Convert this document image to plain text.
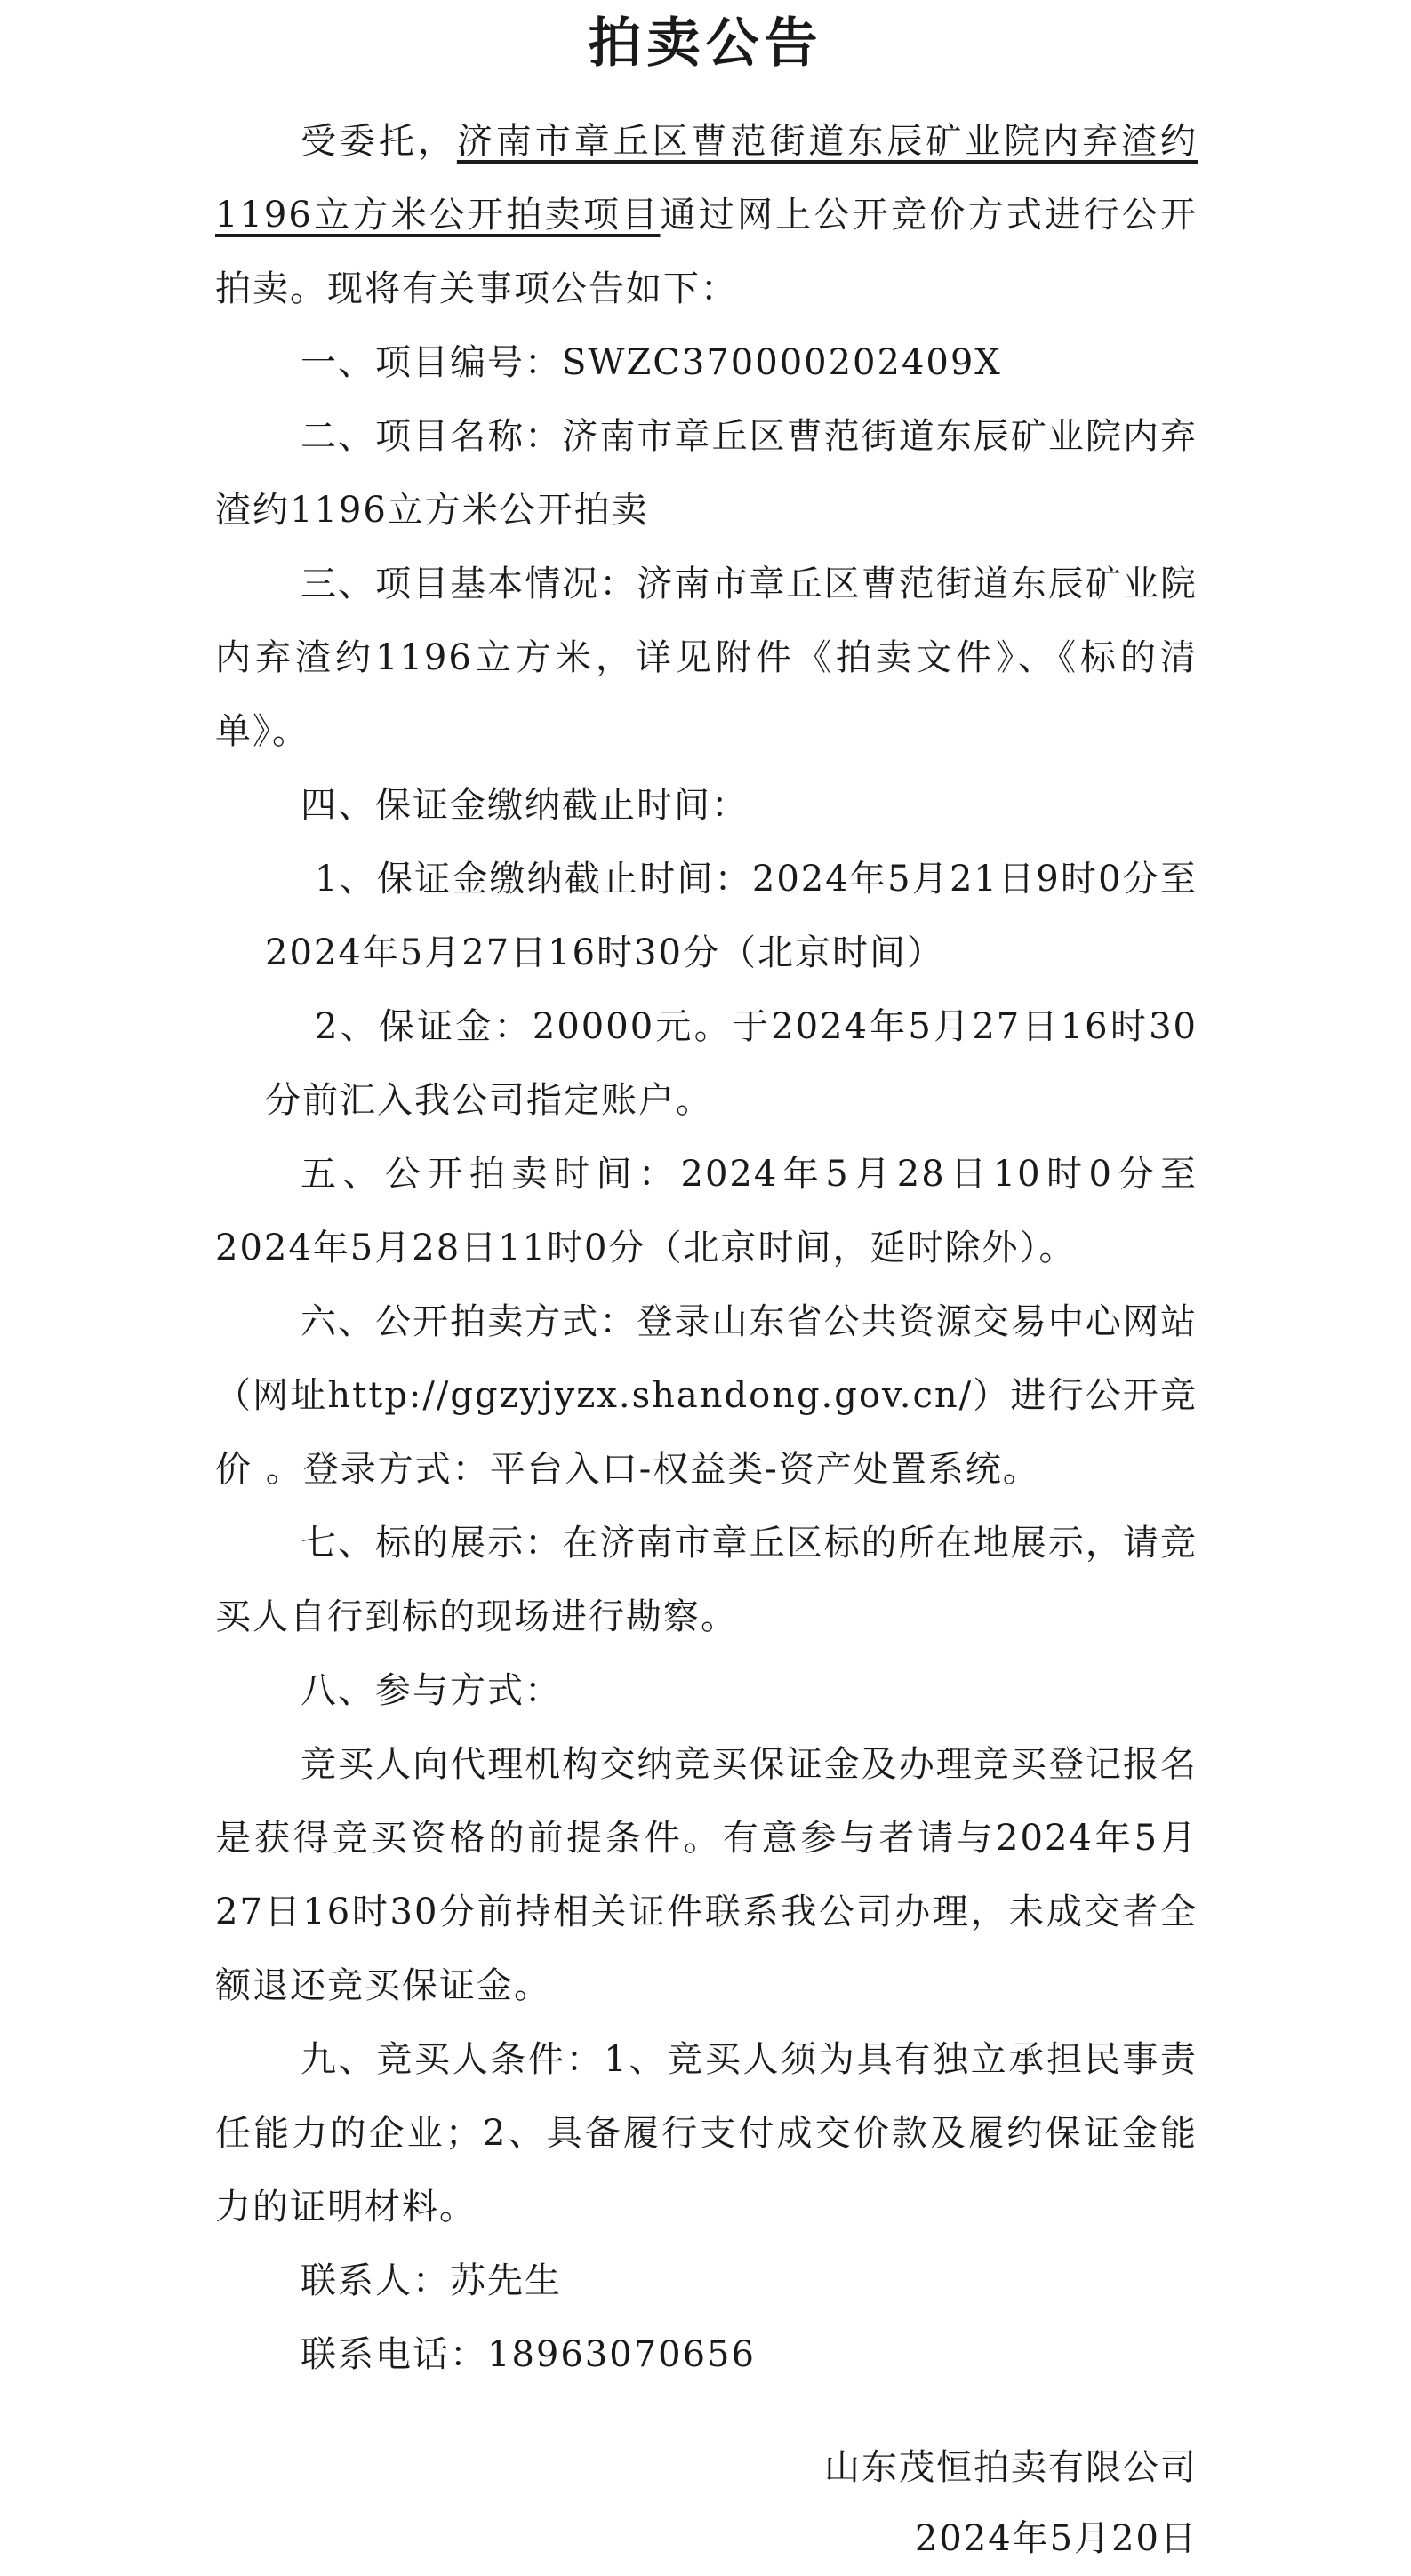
拍卖公告

受委托，济南市章丘区曹范街道东辰矿业院内弃渣约1196立方米公开拍卖项目通过网上公开竞价方式进行公开拍卖。现将有关事项公告如下：

一、项目编号：SWZC370000202409X

二、项目名称：济南市章丘区曹范街道东辰矿业院内弃渣约1196立方米公开拍卖

三、项目基本情况：济南市章丘区曹范街道东辰矿业院内弃渣约1196立方米，详见附件《拍卖文件》、《标的清单》。

四、保证金缴纳截止时间：

1、保证金缴纳截止时间：2024年5月21日9时0分至2024年5月27日16时30分（北京时间）

2、保证金：20000元。于2024年5月27日16时30分前汇入我公司指定账户。

五、公开拍卖时间：2024年5月28日10时0分至2024年5月28日11时0分（北京时间，延时除外）。

六、公开拍卖方式：登录山东省公共资源交易中心网站（网址http://ggzyjyzx.shandong.gov.cn/）进行公开竞价 。登录方式：平台入口-权益类-资产处置系统。

七、标的展示：在济南市章丘区标的所在地展示，请竞买人自行到标的现场进行勘察。

八、参与方式：

竞买人向代理机构交纳竞买保证金及办理竞买登记报名是获得竞买资格的前提条件。有意参与者请与2024年5月27日16时30分前持相关证件联系我公司办理，未成交者全额退还竞买保证金。

九、竞买人条件：1、竞买人须为具有独立承担民事责任能力的企业；2、具备履行支付成交价款及履约保证金能力的证明材料。

联系人：苏先生

联系电话：18963070656

山东茂恒拍卖有限公司
2024年5月20日
